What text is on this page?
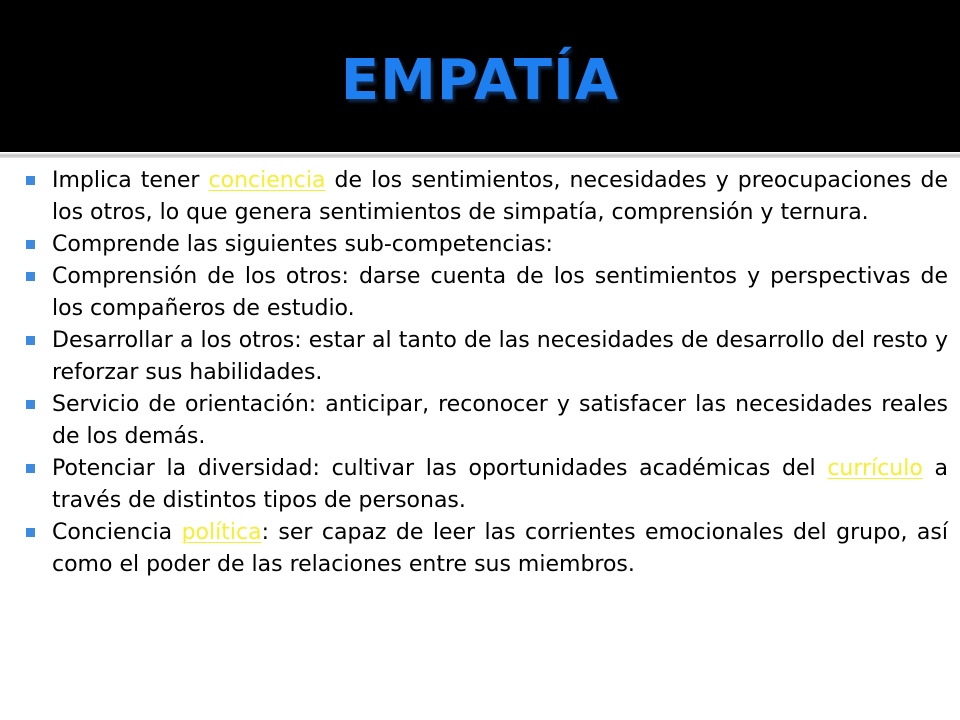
EMPATÍA
Implica tener conciencia de los sentimientos, necesidades y preocupaciones de los otros, lo que genera sentimientos de simpatía, comprensión y ternura.
Comprende las siguientes sub-competencias:
Comprensión de los otros: darse cuenta de los sentimientos y perspectivas de los compañeros de estudio.
Desarrollar a los otros: estar al tanto de las necesidades de desarrollo del resto y reforzar sus habilidades.
Servicio de orientación: anticipar, reconocer y satisfacer las necesidades reales de los demás.
Potenciar la diversidad: cultivar las oportunidades académicas del currículo a través de distintos tipos de personas.
Conciencia política: ser capaz de leer las corrientes emocionales del grupo, así como el poder de las relaciones entre sus miembros.
